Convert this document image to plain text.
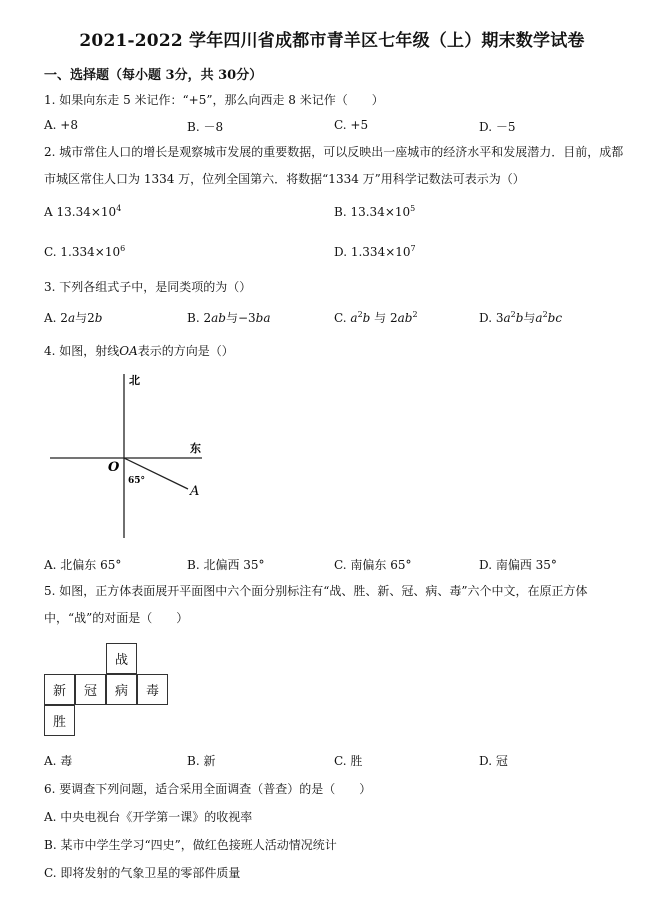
2021-2022 学年四川省成都市青羊区七年级（上）期末数学试卷
一、选择题（每小题 3分，共 30分）
1. 如果向东走 5 米记作：“+5”，那么向西走 8 米记作（　　）
A. +8	B. －8	C. +5	D. －5
2. 城市常住人口的增长是观察城市发展的重要数据，可以反映出一座城市的经济水平和发展潜力．目前，成都市城区常住人口为 1334 万，位列全国第六．将数据“1334 万”用科学记数法可表示为（）
A $13.34\times 10^4$	B. $13.34\times 10^5$
C. $1.334\times 10^6$	D. $1.334\times 10^7$
3. 下列各组式子中，是同类项的为（）
A. 2a与2b	B. 2ab与−3ba	C. $a^2b$ 与 $2ab^2$	D. $3a^2b$与$a^2bc$
4. 如图，射线OA表示的方向是（）
北
东
O
A
65°
A. 北偏东 65°	B. 北偏西 35°	C. 南偏东 65°	D. 南偏西 35°
5. 如图，正方体表面展开平面图中六个面分别标注有“战、胜、新、冠、病、毒”六个中文，在原正方体中，“战”的对面是（　　）
战
新	冠	病	毒
胜
A. 毒	B. 新	C. 胜	D. 冠
6. 要调查下列问题，适合采用全面调查（普查）的是（　　）
A. 中央电视台《开学第一课》的收视率
B. 某市中学生学习“四史”，做红色接班人活动情况统计
C. 即将发射的气象卫星的零部件质量
